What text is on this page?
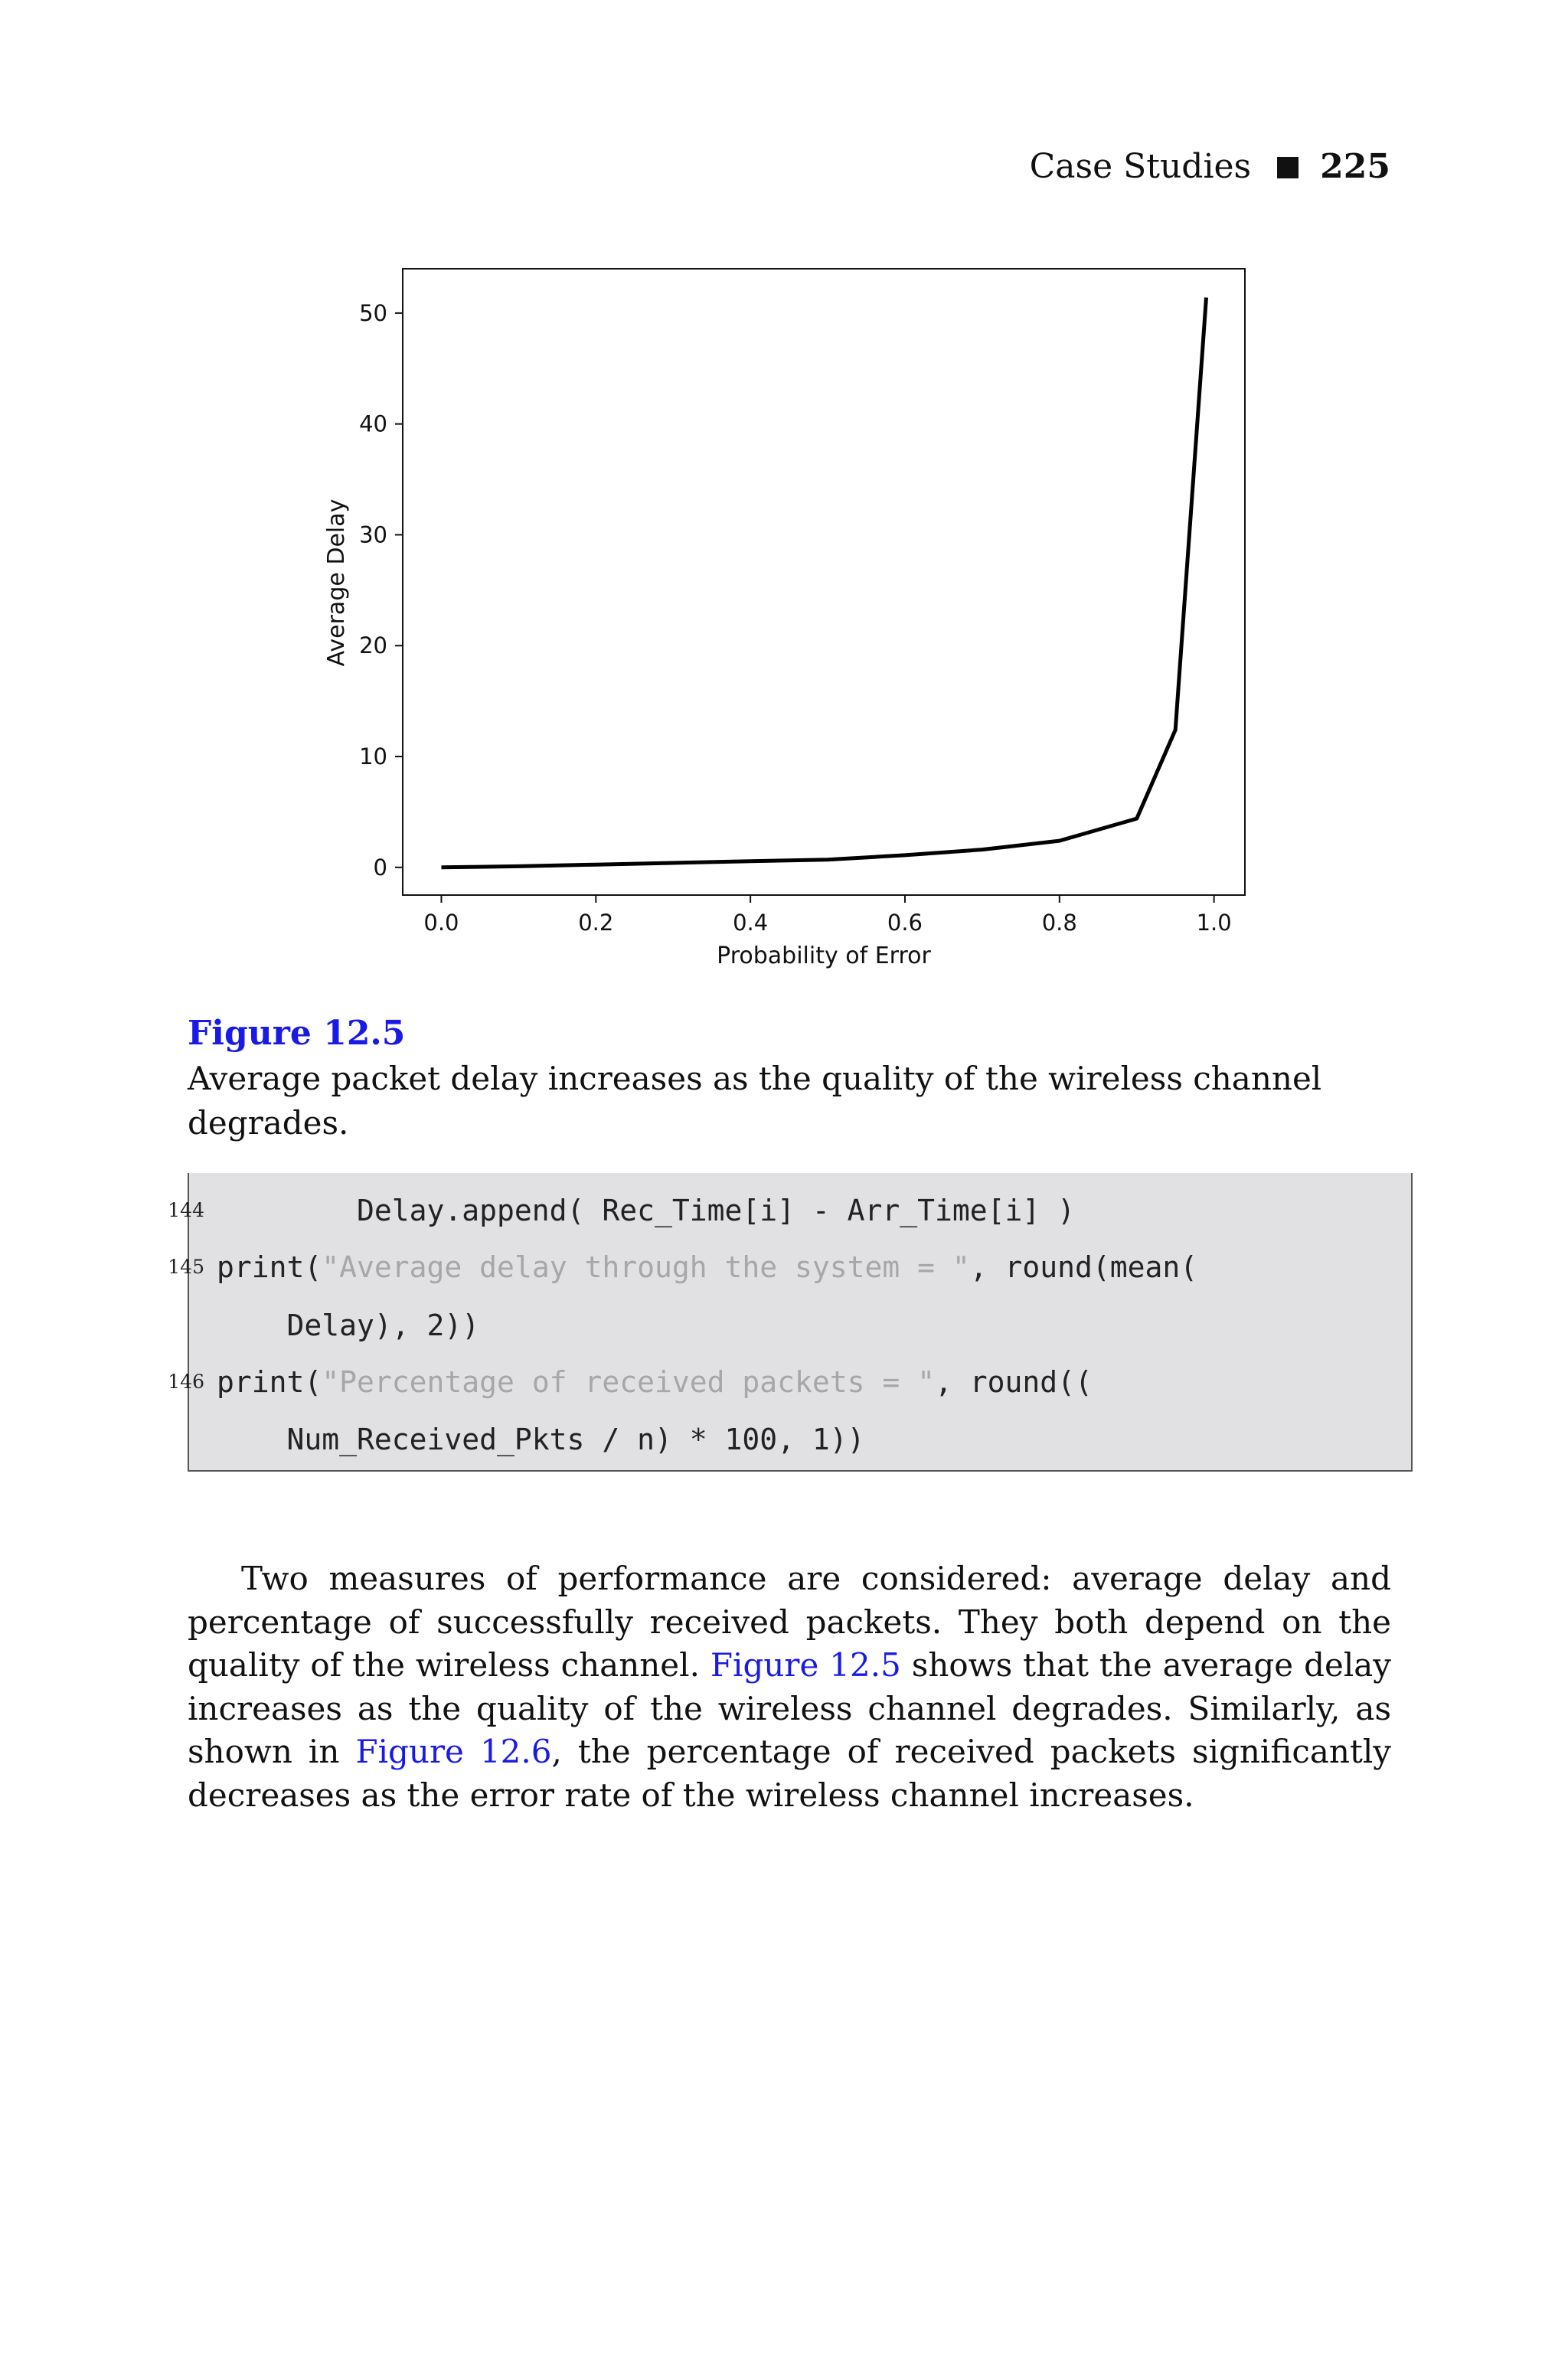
Case Studies 225
0.0	0.2	0.4	0.6	0.8	1.0
0
10
20
30
40
50
Probability of Error
Average Delay
Figure 12.5
Average packet delay increases as the quality of the wireless channel degrades.
144 Delay.append( Rec_Time[i] - Arr_Time[i] )
145 print("Average delay through the system = ", round(mean(
Delay), 2))
146 print("Percentage of received packets = ", round((
Num_Received_Pkts / n) * 100, 1))
Two measures of performance are considered: average delay and percentage of successfully received packets. They both depend on the quality of the wireless channel. Figure 12.5 shows that the average delay increases as the quality of the wireless channel degrades. Similarly, as shown in Figure 12.6, the percentage of received packets significantly decreases as the error rate of the wireless channel increases.
